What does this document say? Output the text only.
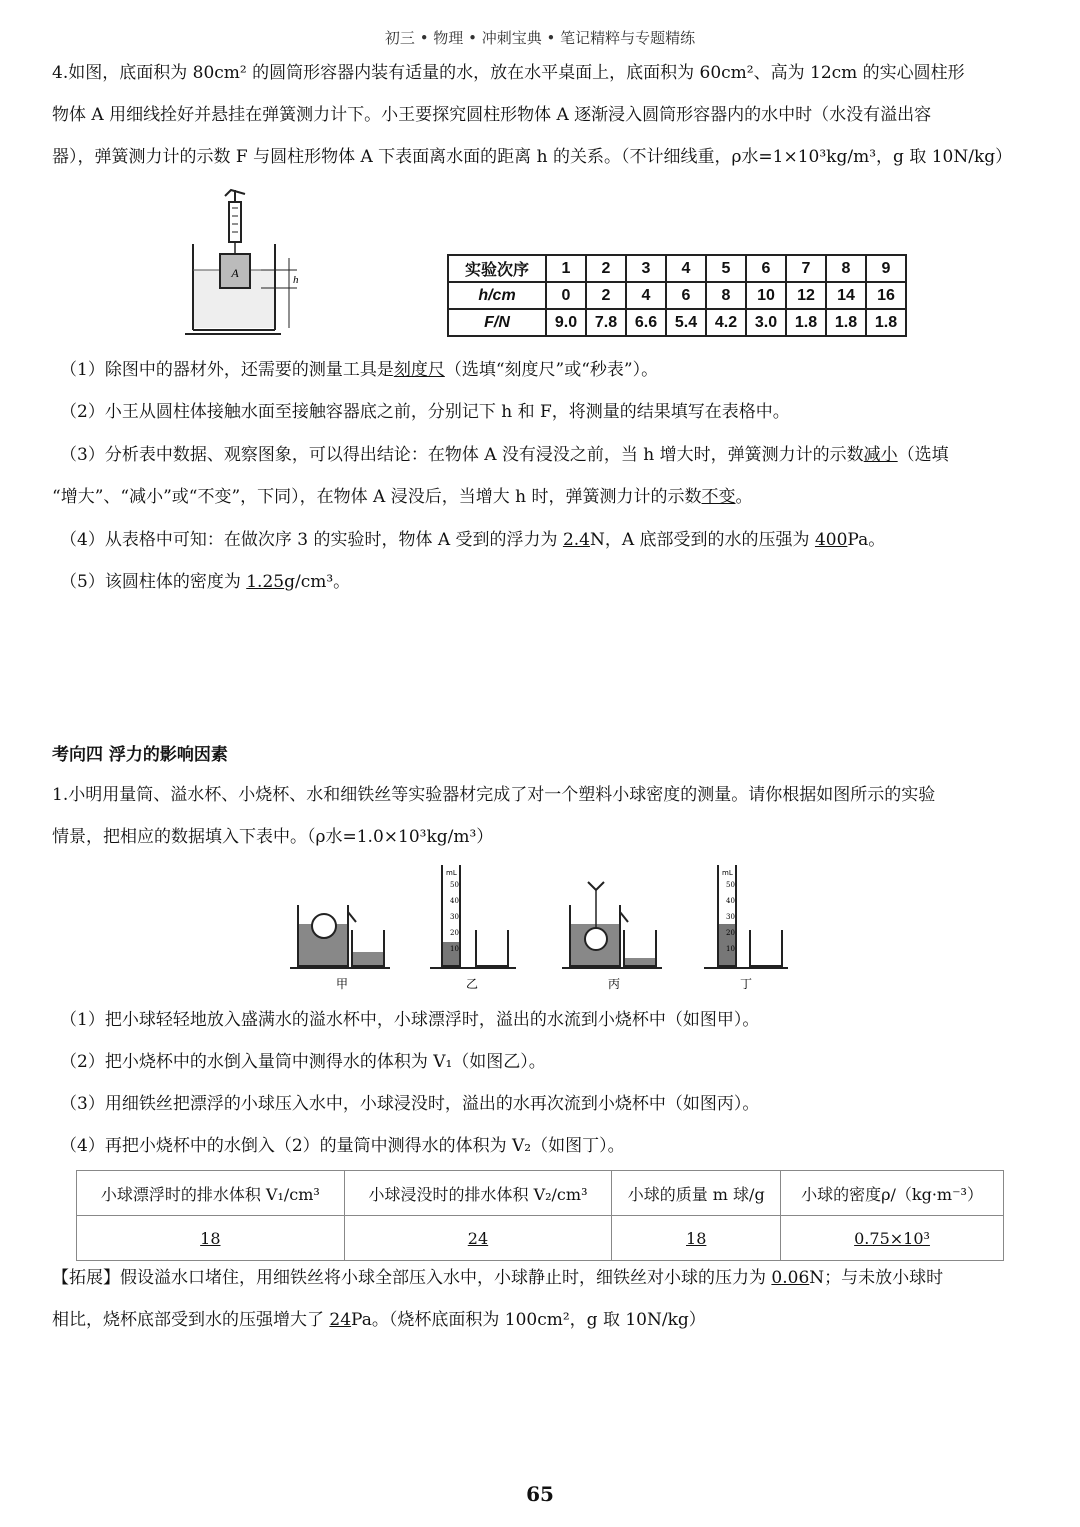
初三 • 物理 • 冲刺宝典 • 笔记精粹与专题精练

4.如图，底面积为 80cm² 的圆筒形容器内装有适量的水，放在水平桌面上，底面积为 60cm²、高为 12cm 的实心圆柱形

物体 A 用细线拴好并悬挂在弹簧测力计下。小王要探究圆柱形物体 A 逐渐浸入圆筒形容器内的水中时（水没有溢出容

器），弹簧测力计的示数 F 与圆柱形物体 A 下表面离水面的距离 h 的关系。（不计细线重，ρ水=1×10³kg/m³，g 取 10N/kg）

A	h
实验次序	1	2	3	4	5	6	7	8	9
h/cm	0	2	4	6	8	10	12	14	16
F/N	9.0	7.8	6.6	5.4	4.2	3.0	1.8	1.8	1.8

（1）除图中的器材外，还需要的测量工具是刻度尺（选填“刻度尺”或“秒表”）。

（2）小王从圆柱体接触水面至接触容器底之前，分别记下 h 和 F，将测量的结果填写在表格中。

（3）分析表中数据、观察图象，可以得出结论：在物体 A 没有浸没之前，当 h 增大时，弹簧测力计的示数减小（选填

“增大”、“减小”或“不变”，下同），在物体 A 浸没后，当增大 h 时，弹簧测力计的示数不变。

（4）从表格中可知：在做次序 3 的实验时，物体 A 受到的浮力为 2.4N，A 底部受到的水的压强为 400Pa。

（5）该圆柱体的密度为 1.25g/cm³。

考向四 浮力的影响因素

1.小明用量筒、溢水杯、小烧杯、水和细铁丝等实验器材完成了对一个塑料小球密度的测量。请你根据如图所示的实验

情景，把相应的数据填入下表中。（ρ水=1.0×10³kg/m³）

甲
mL
50
40
30
20
10
乙	丙
mL
50
40
30
20
10
丁

（1）把小球轻轻地放入盛满水的溢水杯中，小球漂浮时，溢出的水流到小烧杯中（如图甲）。

（2）把小烧杯中的水倒入量筒中测得水的体积为 V₁（如图乙）。

（3）用细铁丝把漂浮的小球压入水中，小球浸没时，溢出的水再次流到小烧杯中（如图丙）。

（4）再把小烧杯中的水倒入（2）的量筒中测得水的体积为 V₂（如图丁）。

小球漂浮时的排水体积 V₁/cm³	小球浸没时的排水体积 V₂/cm³	小球的质量 m 球/g	小球的密度ρ/（kg·m⁻³）
18	24	18	0.75×10³

【拓展】假设溢水口堵住，用细铁丝将小球全部压入水中，小球静止时，细铁丝对小球的压力为 0.06N；与未放小球时

相比，烧杯底部受到水的压强增大了 24Pa。（烧杯底面积为 100cm²，g 取 10N/kg）

65
